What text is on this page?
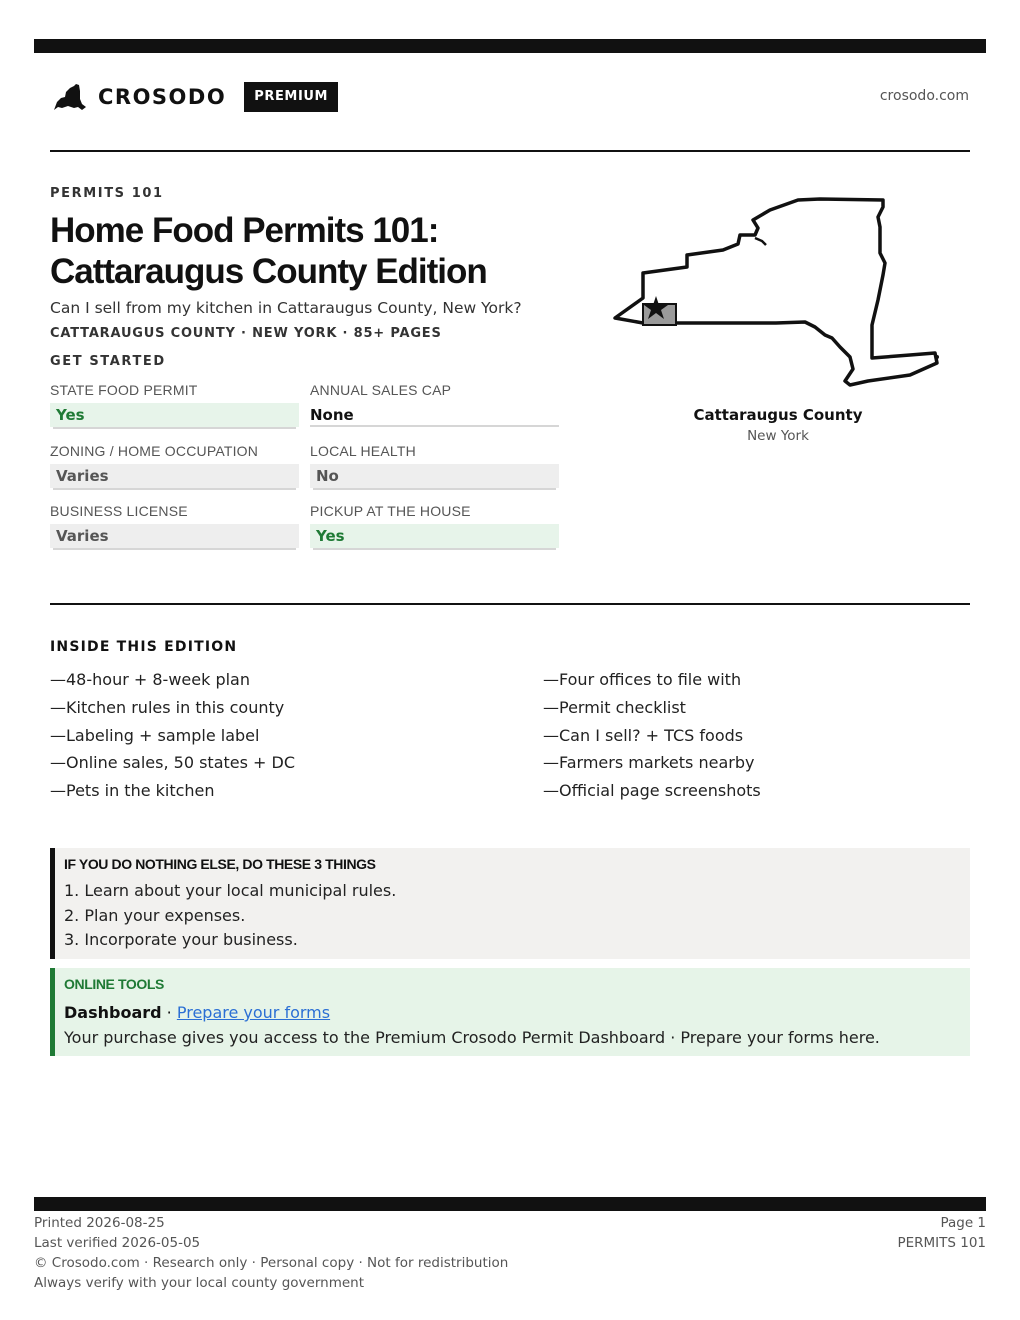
CROSODO	PREMIUM	crosodo.com
PERMITS 101
Home Food Permits 101:
Cattaraugus County Edition
Can I sell from my kitchen in Cattaraugus County, New York?
CATTARAUGUS COUNTY · NEW YORK · 85+ PAGES
GET STARTED
STATE FOOD PERMIT
Yes
ANNUAL SALES CAP
None
ZONING / HOME OCCUPATION
Varies
LOCAL HEALTH
No
BUSINESS LICENSE
Varies
PICKUP AT THE HOUSE
Yes
Cattaraugus County
New York
INSIDE THIS EDITION
—48-hour + 8-week plan
—Kitchen rules in this county
—Labeling + sample label
—Online sales, 50 states + DC
—Pets in the kitchen
—Four offices to file with
—Permit checklist
—Can I sell? + TCS foods
—Farmers markets nearby
—Official page screenshots
IF YOU DO NOTHING ELSE, DO THESE 3 THINGS
1. Learn about your local municipal rules.
2. Plan your expenses.
3. Incorporate your business.
ONLINE TOOLS
Dashboard · Prepare your forms
Your purchase gives you access to the Premium Crosodo Permit Dashboard · Prepare your forms here.
Printed 2026-08-25
Last verified 2026-05-05
© Crosodo.com · Research only · Personal copy · Not for redistribution
Always verify with your local county government
Page 1
PERMITS 101
